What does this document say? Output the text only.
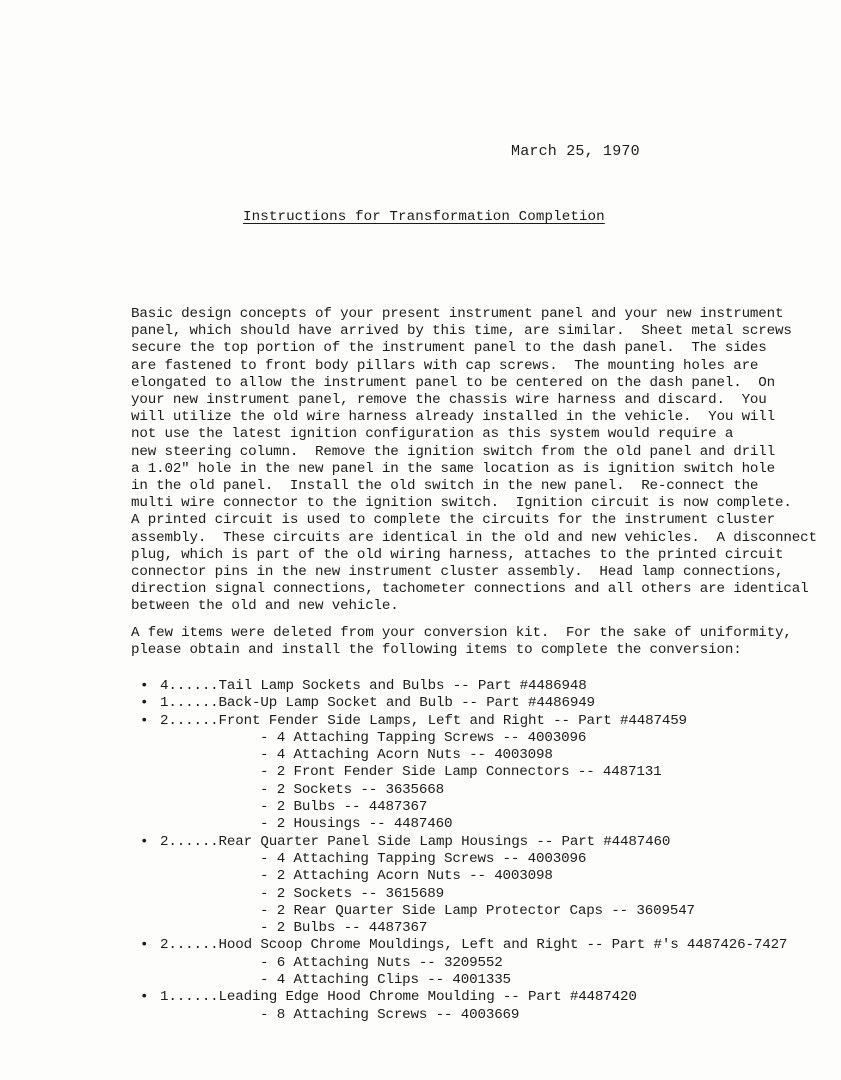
March 25, 1970
Instructions for Transformation Completion
Basic design concepts of your present instrument panel and your new instrument
panel, which should have arrived by this time, are similar.  Sheet metal screws
secure the top portion of the instrument panel to the dash panel.  The sides
are fastened to front body pillars with cap screws.  The mounting holes are
elongated to allow the instrument panel to be centered on the dash panel.  On
your new instrument panel, remove the chassis wire harness and discard.  You
will utilize the old wire harness already installed in the vehicle.  You will
not use the latest ignition configuration as this system would require a
new steering column.  Remove the ignition switch from the old panel and drill
a 1.02" hole in the new panel in the same location as is ignition switch hole
in the old panel.  Install the old switch in the new panel.  Re-connect the
multi wire connector to the ignition switch.  Ignition circuit is now complete.
A printed circuit is used to complete the circuits for the instrument cluster
assembly.  These circuits are identical in the old and new vehicles.  A disconnect
plug, which is part of the old wiring harness, attaches to the printed circuit
connector pins in the new instrument cluster assembly.  Head lamp connections,
direction signal connections, tachometer connections and all others are identical
between the old and new vehicle.
A few items were deleted from your conversion kit.  For the sake of uniformity,
please obtain and install the following items to complete the conversion:
• 4......Tail Lamp Sockets and Bulbs -- Part #4486948
• 1......Back-Up Lamp Socket and Bulb -- Part #4486949
• 2......Front Fender Side Lamps, Left and Right -- Part #4487459
- 4 Attaching Tapping Screws -- 4003096
- 4 Attaching Acorn Nuts -- 4003098
- 2 Front Fender Side Lamp Connectors -- 4487131
- 2 Sockets -- 3635668
- 2 Bulbs -- 4487367
- 2 Housings -- 4487460
• 2......Rear Quarter Panel Side Lamp Housings -- Part #4487460
- 4 Attaching Tapping Screws -- 4003096
- 2 Attaching Acorn Nuts -- 4003098
- 2 Sockets -- 3615689
- 2 Rear Quarter Side Lamp Protector Caps -- 3609547
- 2 Bulbs -- 4487367
• 2......Hood Scoop Chrome Mouldings, Left and Right -- Part #'s 4487426-7427
- 6 Attaching Nuts -- 3209552
- 4 Attaching Clips -- 4001335
• 1......Leading Edge Hood Chrome Moulding -- Part #4487420
- 8 Attaching Screws -- 4003669
